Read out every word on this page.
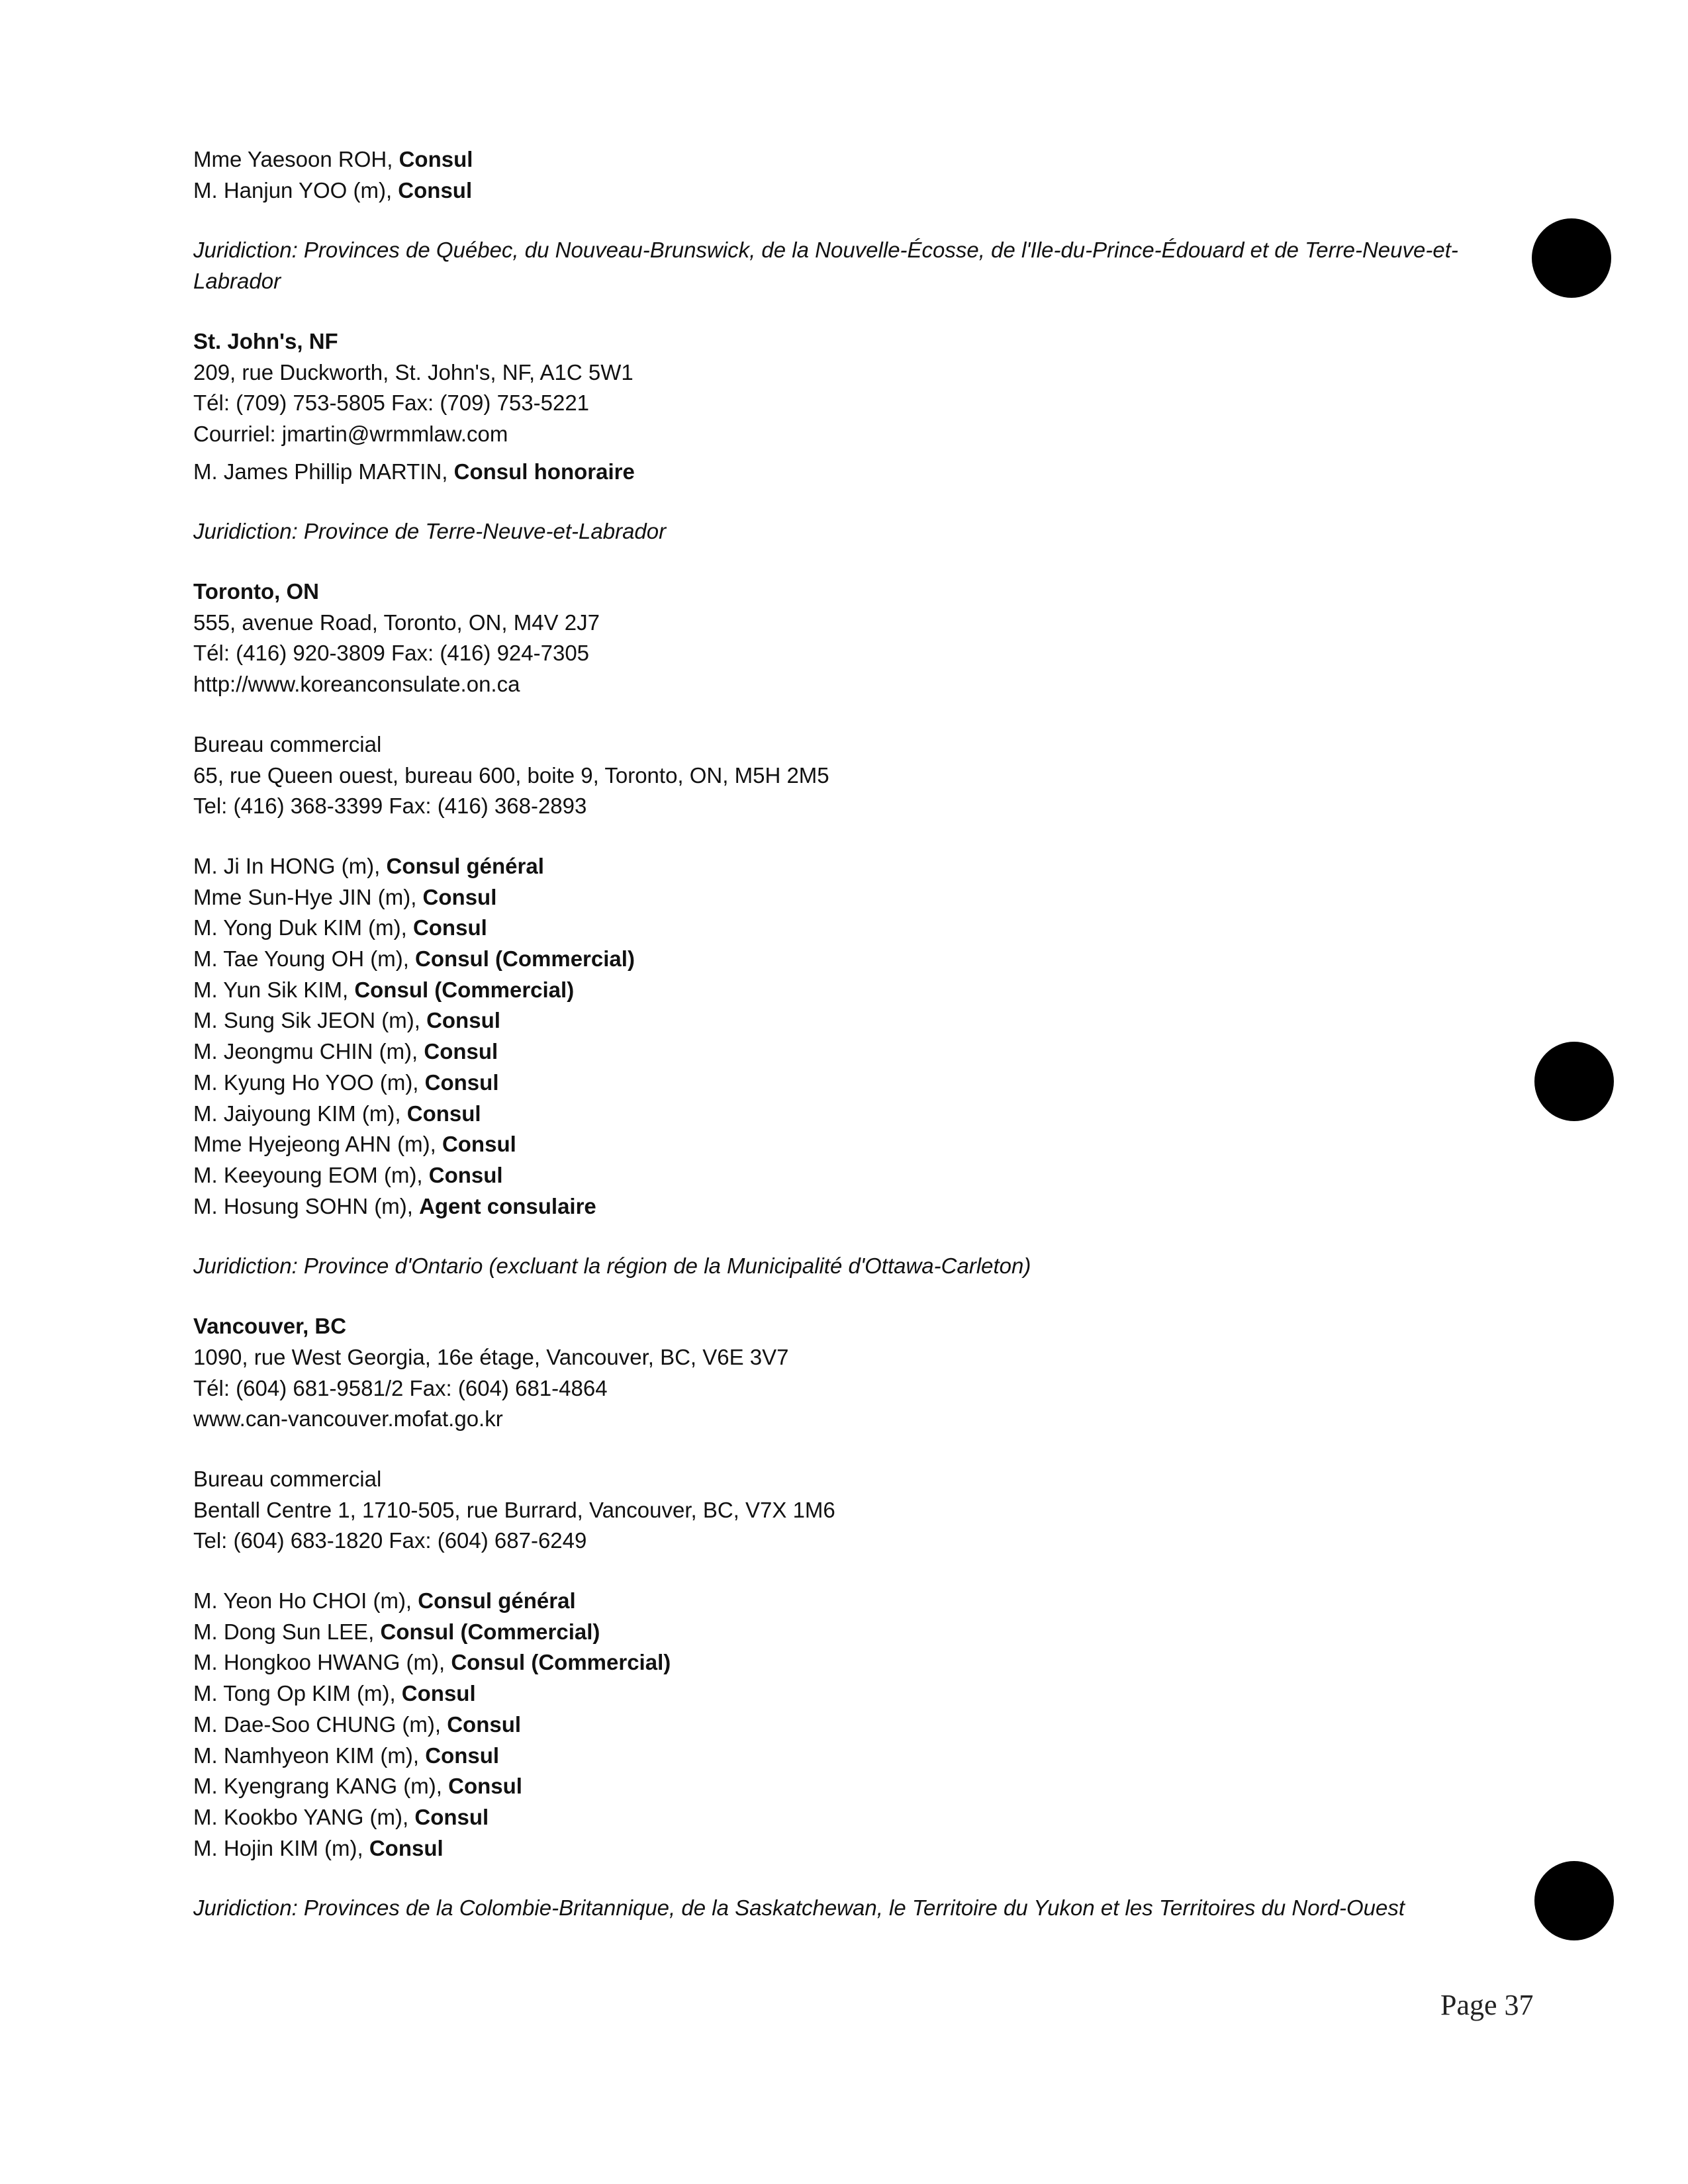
Mme Yaesoon ROH, Consul
M. Hanjun YOO (m), Consul
Juridiction: Provinces de Québec, du Nouveau-Brunswick, de la Nouvelle-Écosse, de l'Ile-du-Prince-Édouard et de Terre-Neuve-et-Labrador
St. John's, NF
209, rue Duckworth, St. John's, NF, A1C 5W1
Tél: (709) 753-5805 Fax: (709) 753-5221
Courriel: jmartin@wrmmlaw.com
M. James Phillip MARTIN, Consul honoraire
Juridiction: Province de Terre-Neuve-et-Labrador
Toronto, ON
555, avenue Road, Toronto, ON, M4V 2J7
Tél: (416) 920-3809 Fax: (416) 924-7305
http://www.koreanconsulate.on.ca
Bureau commercial
65, rue Queen ouest, bureau 600, boite 9, Toronto, ON, M5H 2M5
Tel: (416) 368-3399 Fax: (416) 368-2893
M. Ji In HONG (m), Consul général
Mme Sun-Hye JIN (m), Consul
M. Yong Duk KIM (m), Consul
M. Tae Young OH (m), Consul (Commercial)
M. Yun Sik KIM, Consul (Commercial)
M. Sung Sik JEON (m), Consul
M. Jeongmu CHIN (m), Consul
M. Kyung Ho YOO (m), Consul
M. Jaiyoung KIM (m), Consul
Mme Hyejeong AHN (m), Consul
M. Keeyoung EOM (m), Consul
M. Hosung SOHN (m), Agent consulaire
Juridiction: Province d'Ontario (excluant la région de la Municipalité d'Ottawa-Carleton)
Vancouver, BC
1090, rue West Georgia, 16e étage, Vancouver, BC, V6E 3V7
Tél: (604) 681-9581/2 Fax: (604) 681-4864
www.can-vancouver.mofat.go.kr
Bureau commercial
Bentall Centre 1, 1710-505, rue Burrard, Vancouver, BC, V7X 1M6
Tel: (604) 683-1820 Fax: (604) 687-6249
M. Yeon Ho CHOI (m), Consul général
M. Dong Sun LEE, Consul (Commercial)
M. Hongkoo HWANG (m), Consul (Commercial)
M. Tong Op KIM (m), Consul
M. Dae-Soo CHUNG (m), Consul
M. Namhyeon KIM (m), Consul
M. Kyengrang KANG (m), Consul
M. Kookbo YANG (m), Consul
M. Hojin KIM (m), Consul
Juridiction: Provinces de la Colombie-Britannique, de la Saskatchewan, le Territoire du Yukon et les Territoires du Nord-Ouest
Page 37
